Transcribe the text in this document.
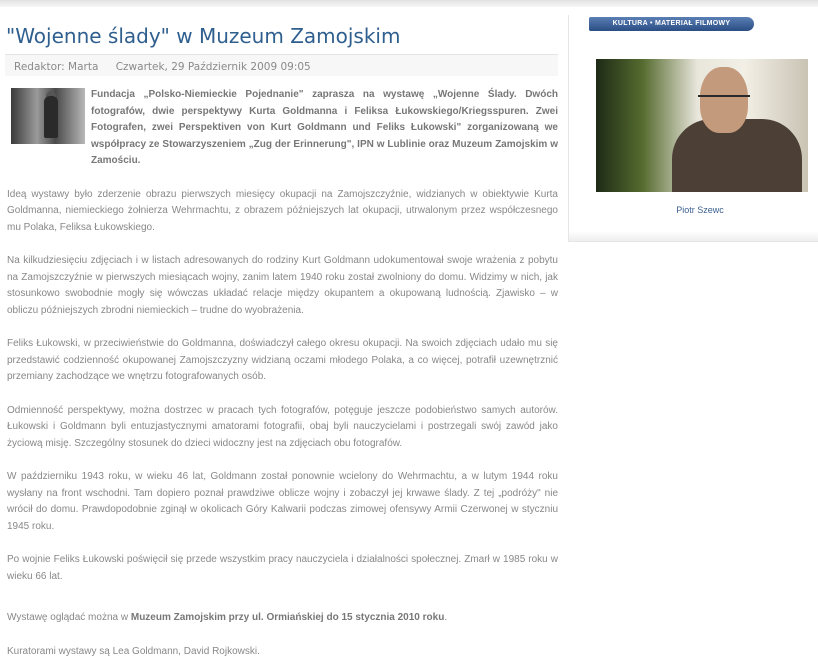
"Wojenne ślady" w Muzeum Zamojskim
Redaktor: Marta Czwartek, 29 Październik 2009 09:05

Fundacja „Polsko-Niemieckie Pojednanie" zaprasza na wystawę „Wojenne Ślady. Dwóch fotografów, dwie perspektywy Kurta Goldmanna i Feliksa Łukowskiego/Kriegsspuren. Zwei Fotografen, zwei Perspektiven von Kurt Goldmann und Feliks Łukowski" zorganizowaną we współpracy ze Stowarzyszeniem „Zug der Erinnerung", IPN w Lublinie oraz Muzeum Zamojskim w Zamościu.

Ideą wystawy było zderzenie obrazu pierwszych miesięcy okupacji na Zamojszczyźnie, widzianych w obiektywie Kurta Goldmanna, niemieckiego żołnierza Wehrmachtu, z obrazem późniejszych lat okupacji, utrwalonym przez współczesnego mu Polaka, Feliksa Łukowskiego.

Na kilkudziesięciu zdjęciach i w listach adresowanych do rodziny Kurt Goldmann udokumentował swoje wrażenia z pobytu na Zamojszczyźnie w pierwszych miesiącach wojny, zanim latem 1940 roku został zwolniony do domu. Widzimy w nich, jak stosunkowo swobodnie mogły się wówczas układać relacje między okupantem a okupowaną ludnością. Zjawisko – w obliczu późniejszych zbrodni niemieckich – trudne do wyobrażenia.

Feliks Łukowski, w przeciwieństwie do Goldmanna, doświadczył całego okresu okupacji. Na swoich zdjęciach udało mu się przedstawić codzienność okupowanej Zamojszczyzny widzianą oczami młodego Polaka, a co więcej, potrafił uzewnętrznić przemiany zachodzące we wnętrzu fotografowanych osób.

Odmienność perspektywy, można dostrzec w pracach tych fotografów, potęguje jeszcze podobieństwo samych autorów. Łukowski i Goldmann byli entuzjastycznymi amatorami fotografii, obaj byli nauczycielami i postrzegali swój zawód jako życiową misję. Szczególny stosunek do dzieci widoczny jest na zdjęciach obu fotografów.

W październiku 1943 roku, w wieku 46 lat, Goldmann został ponownie wcielony do Wehrmachtu, a w lutym 1944 roku wysłany na front wschodni. Tam dopiero poznał prawdziwe oblicze wojny i zobaczył jej krwawe ślady. Z tej „podróży" nie wrócił do domu. Prawdopodobnie zginął w okolicach Góry Kalwarii podczas zimowej ofensywy Armii Czerwonej w styczniu 1945 roku.

Po wojnie Feliks Łukowski poświęcił się przede wszystkim pracy nauczyciela i działalności społecznej. Zmarł w 1985 roku w wieku 66 lat.

Wystawę oglądać można w Muzeum Zamojskim przy ul. Ormiańskiej do 15 stycznia 2010 roku.

Kuratorami wystawy są Lea Goldmann, David Rojkowski.

KULTURA • MATERIAŁ FILMOWY
Piotr Szewc
